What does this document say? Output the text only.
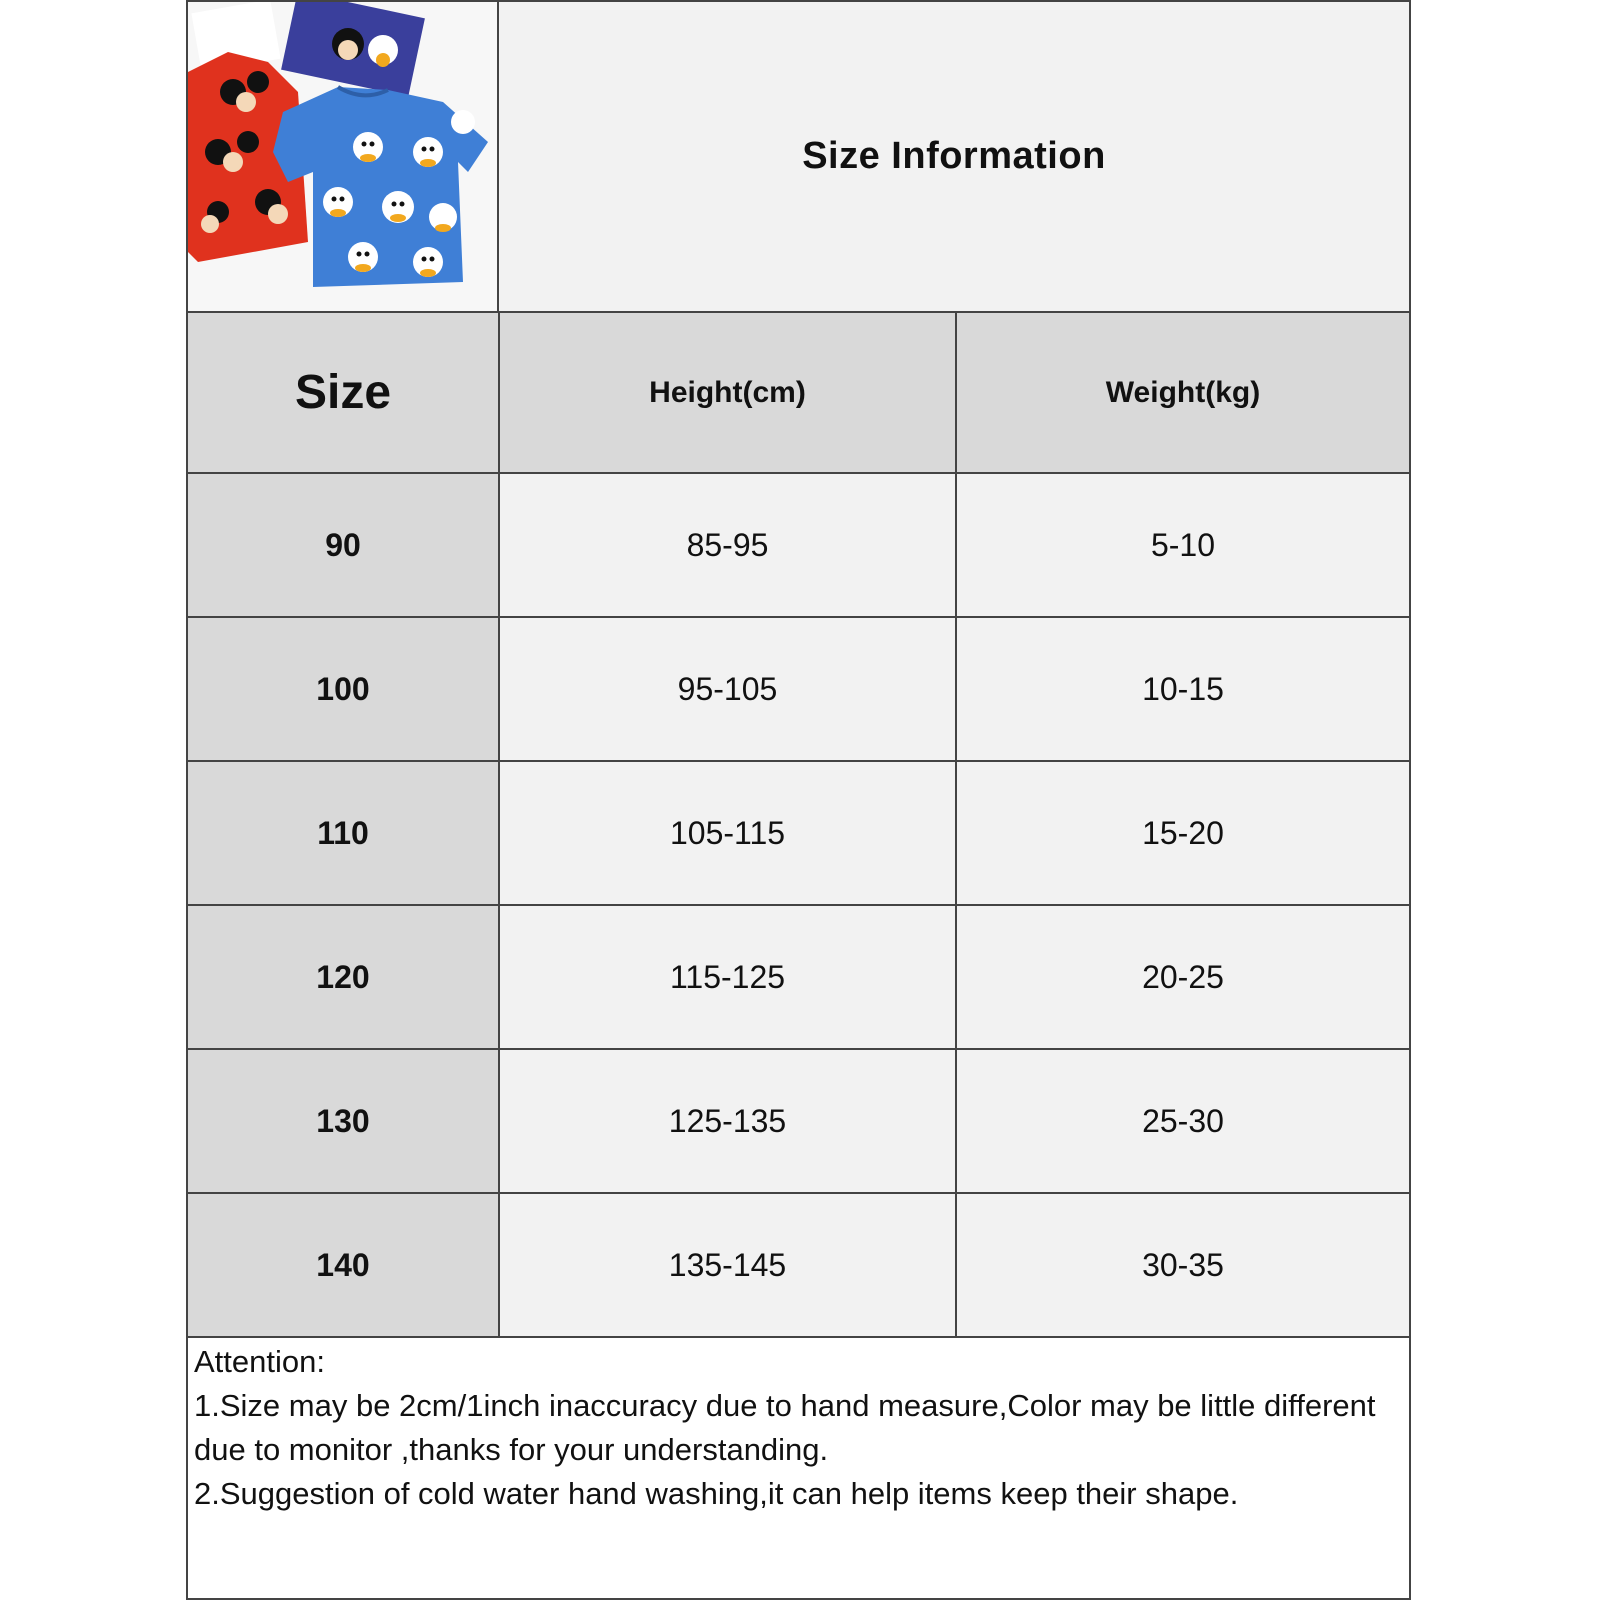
Size Information
Size	Height(cm)	Weight(kg)
90	85-95	5-10
100	95-105	10-15
110	105-115	15-20
120	115-125	20-25
130	125-135	25-30
140	135-145	30-35
Attention:
1.Size may be 2cm/1inch inaccuracy due to hand measure,Color may be little different due to monitor ,thanks for your understanding.
2.Suggestion of cold water hand washing,it can help items keep their shape.
